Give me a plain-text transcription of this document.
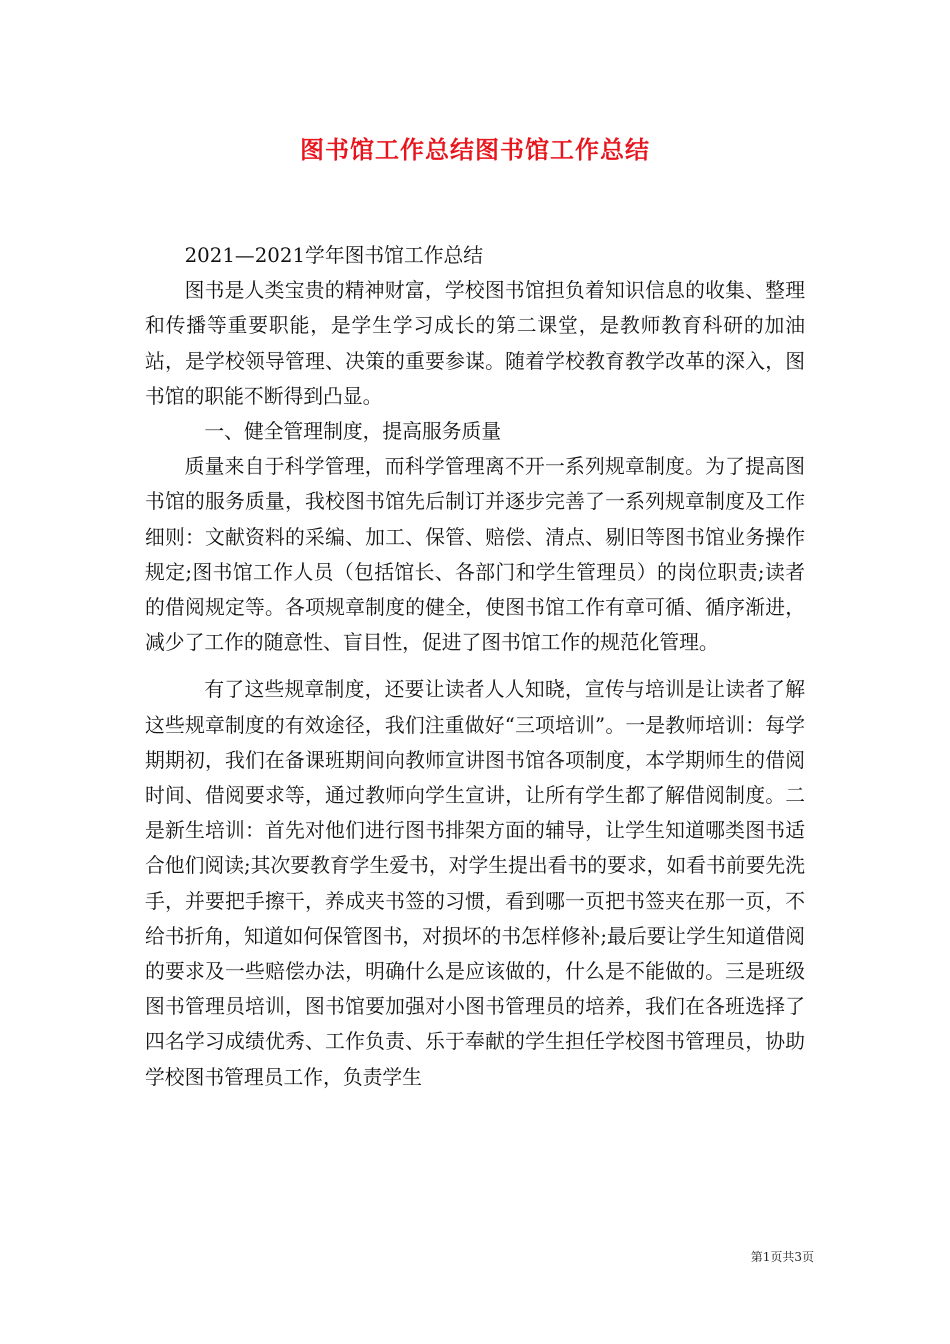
图书馆工作总结图书馆工作总结

2021—2021学年图书馆工作总结

图书是人类宝贵的精神财富，学校图书馆担负着知识信息的收集、整理和传播等重要职能，是学生学习成长的第二课堂，是教师教育科研的加油站，是学校领导管理、决策的重要参谋。随着学校教育教学改革的深入，图书馆的职能不断得到凸显。

一、健全管理制度，提高服务质量

质量来自于科学管理，而科学管理离不开一系列规章制度。为了提高图书馆的服务质量，我校图书馆先后制订并逐步完善了一系列规章制度及工作细则：文献资料的采编、加工、保管、赔偿、清点、剔旧等图书馆业务操作规定;图书馆工作人员（包括馆长、各部门和学生管理员）的岗位职责;读者的借阅规定等。各项规章制度的健全，使图书馆工作有章可循、循序渐进，减少了工作的随意性、盲目性，促进了图书馆工作的规范化管理。

有了这些规章制度，还要让读者人人知晓，宣传与培训是让读者了解这些规章制度的有效途径，我们注重做好“三项培训”。一是教师培训：每学期期初，我们在备课班期间向教师宣讲图书馆各项制度，本学期师生的借阅时间、借阅要求等，通过教师向学生宣讲，让所有学生都了解借阅制度。二是新生培训：首先对他们进行图书排架方面的辅导，让学生知道哪类图书适合他们阅读;其次要教育学生爱书，对学生提出看书的要求，如看书前要先洗手，并要把手擦干，养成夹书签的习惯，看到哪一页把书签夹在那一页，不给书折角，知道如何保管图书，对损坏的书怎样修补;最后要让学生知道借阅的要求及一些赔偿办法，明确什么是应该做的，什么是不能做的。三是班级图书管理员培训，图书馆要加强对小图书管理员的培养，我们在各班选择了四名学习成绩优秀、工作负责、乐于奉献的学生担任学校图书管理员，协助学校图书管理员工作，负责学生

第1页共3页
